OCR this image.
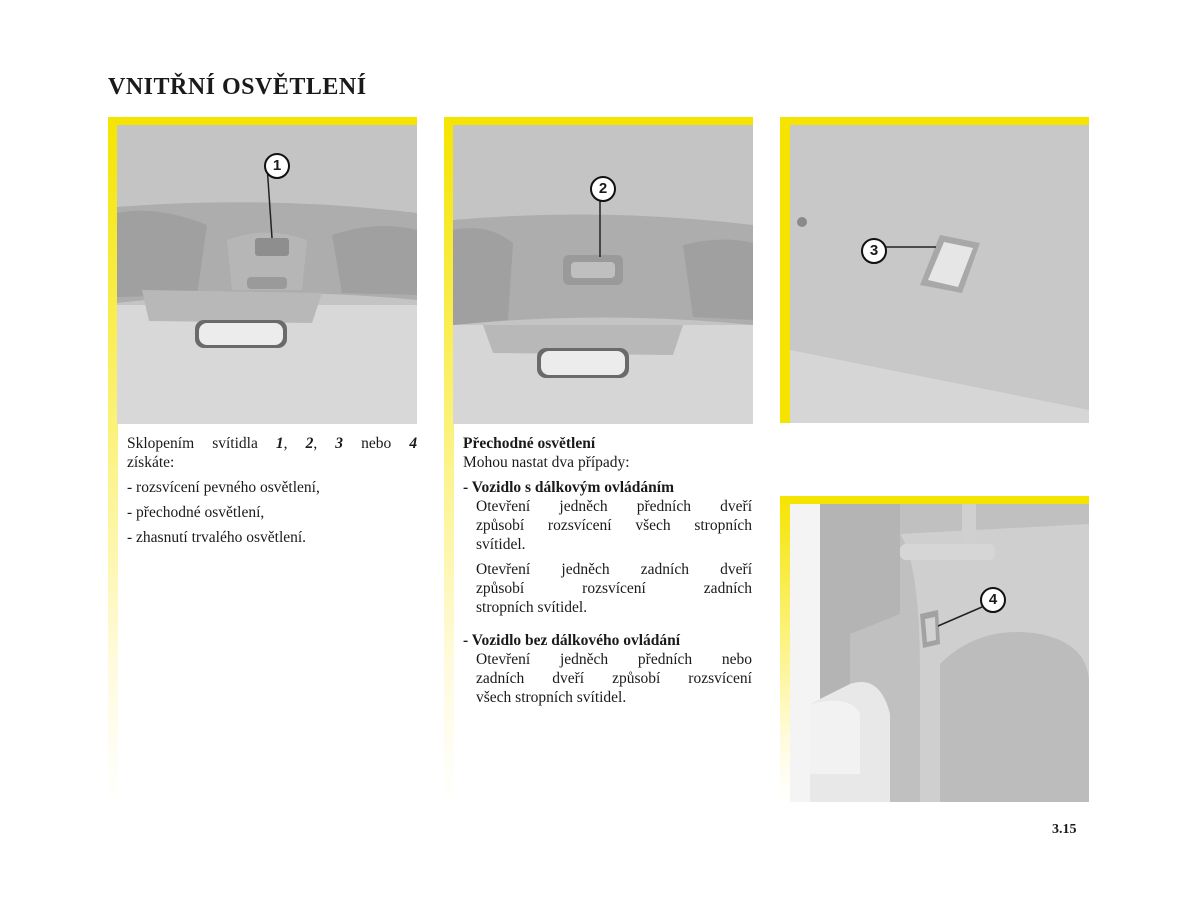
VNITŘNÍ OSVĚTLENÍ
1
2
3
4

Sklopením svítidla 1, 2, 3 nebo 4

získáte:

- rozsvícení pevného osvětlení,

- přechodné osvětlení,

- zhasnutí trvalého osvětlení.

Přechodné osvětlení

Mohou nastat dva případy:

- Vozidlo s dálkovým ovládáním

Otevření jedněch předních dveří

způsobí rozsvícení všech stropních

svítidel.

Otevření jedněch zadních dveří

způsobí rozsvícení zadních

stropních svítidel.

- Vozidlo bez dálkového ovládání

Otevření jedněch předních nebo

zadních dveří způsobí rozsvícení

všech stropních svítidel.

3.15
